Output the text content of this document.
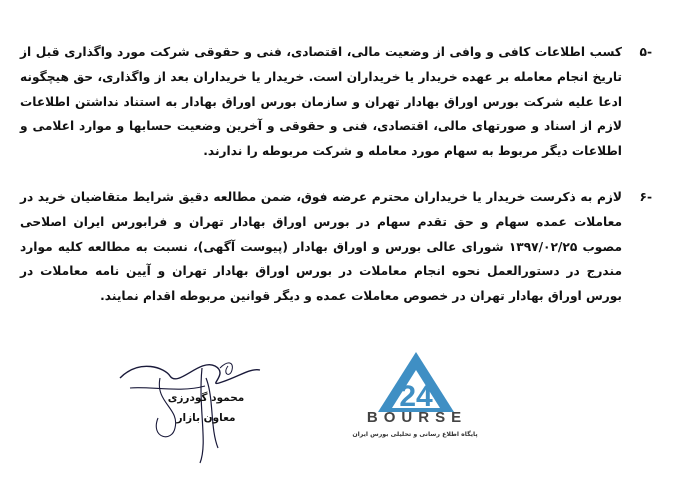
-۵
کسب اطلاعات کافی و وافی از وضعیت مالی، اقتصادی، فنی و حقوقی شرکت مورد واگذاری قبل از تاریخ انجام معامله بر عهده خریدار یا خریداران است. خریدار یا خریداران بعد از واگذاری، حق هیچگونه ادعا علیه شرکت بورس اوراق بهادار تهران و سازمان بورس اوراق بهادار به استناد نداشتن اطلاعات لازم از اسناد و صورتهای مالی، اقتصادی، فنی و حقوقی و آخرین وضعیت حسابها و موارد اعلامی و اطلاعات دیگر مربوط به سهام مورد معامله و شرکت مربوطه را ندارند.
-۶
لازم به ذکرست خریدار یا خریداران محترم عرضه فوق، ضمن مطالعه دقیق شرایط متقاضیان خرید در معاملات عمده سهام و حق تقدم سهام در بورس اوراق بهادار تهران و فرابورس ایران اصلاحی مصوب ۱۳۹۷/۰۲/۲۵ شورای عالی بورس و اوراق بهادار (پیوست آگهی)، نسبت به مطالعه کلیه موارد مندرج در دستورالعمل نحوه انجام معاملات در بورس اوراق بهادار تهران و آیین نامه معاملات در بورس اوراق بهادار تهران در خصوص معاملات عمده و دیگر قوانین مربوطه اقدام نمایند.
محمود گودرزی
معاون بازار
24
BOURSE
پایگاه اطلاع رسانی و تحلیلی بورس ایران
